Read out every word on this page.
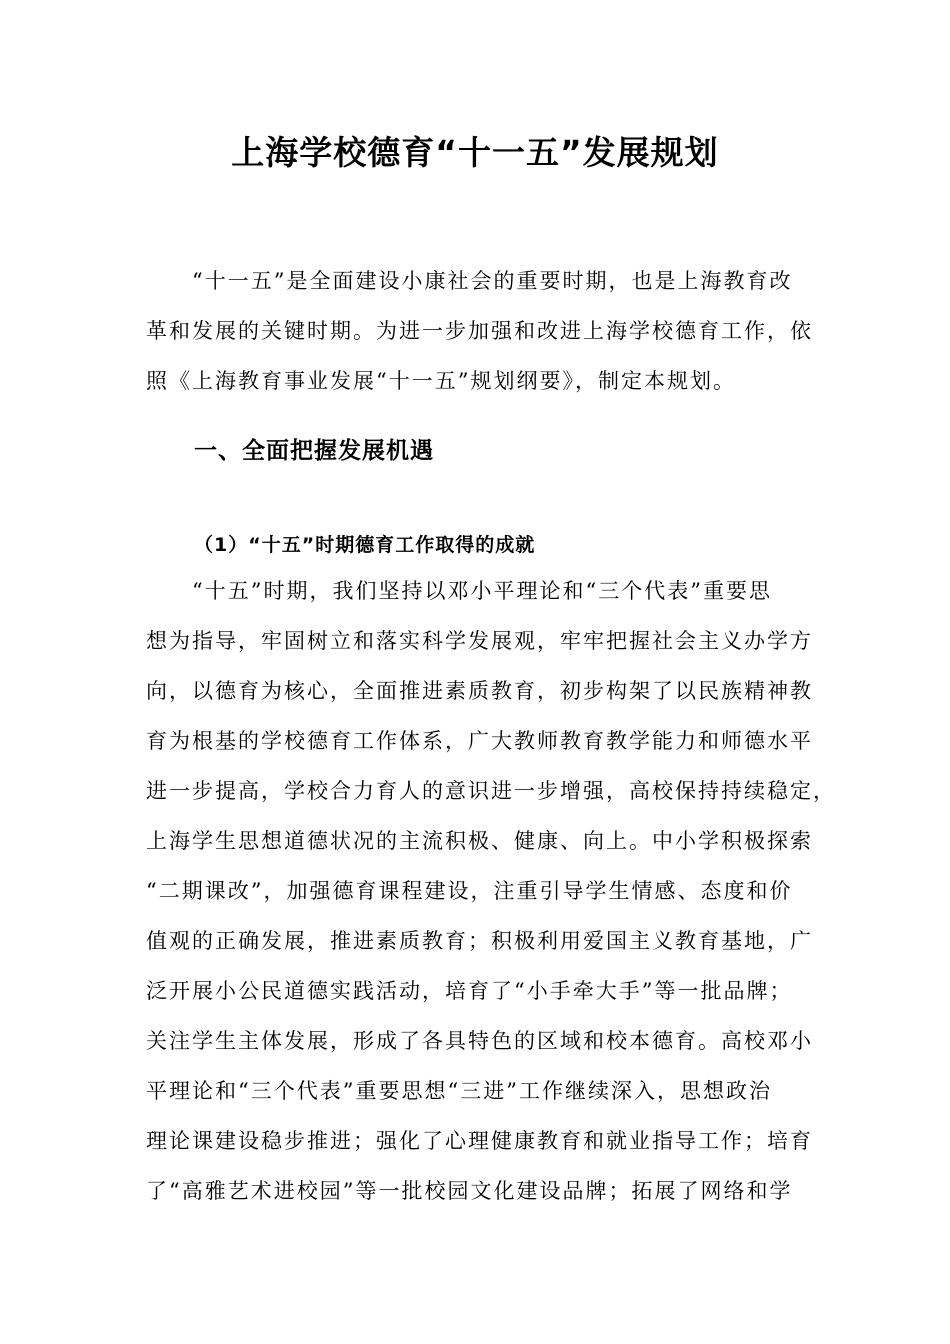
上海学校德育“十一五”发展规划

“十一五”是全面建设小康社会的重要时期，也是上海教育改
革和发展的关键时期。为进一步加强和改进上海学校德育工作，依
照《上海教育事业发展“十一五”规划纲要》，制定本规划。

一、全面把握发展机遇
（1）“十五”时期德育工作取得的成就

“十五”时期，我们坚持以邓小平理论和“三个代表”重要思
想为指导，牢固树立和落实科学发展观，牢牢把握社会主义办学方
向，以德育为核心，全面推进素质教育，初步构架了以民族精神教
育为根基的学校德育工作体系，广大教师教育教学能力和师德水平
进一步提高，学校合力育人的意识进一步增强，高校保持持续稳定，
上海学生思想道德状况的主流积极、健康、向上。中小学积极探索
“二期课改”，加强德育课程建设，注重引导学生情感、态度和价
值观的正确发展，推进素质教育；积极利用爱国主义教育基地，广
泛开展小公民道德实践活动，培育了“小手牵大手”等一批品牌；
关注学生主体发展，形成了各具特色的区域和校本德育。高校邓小
平理论和“三个代表”重要思想“三进”工作继续深入，思想政治
理论课建设稳步推进；强化了心理健康教育和就业指导工作；培育
了“高雅艺术进校园”等一批校园文化建设品牌；拓展了网络和学
